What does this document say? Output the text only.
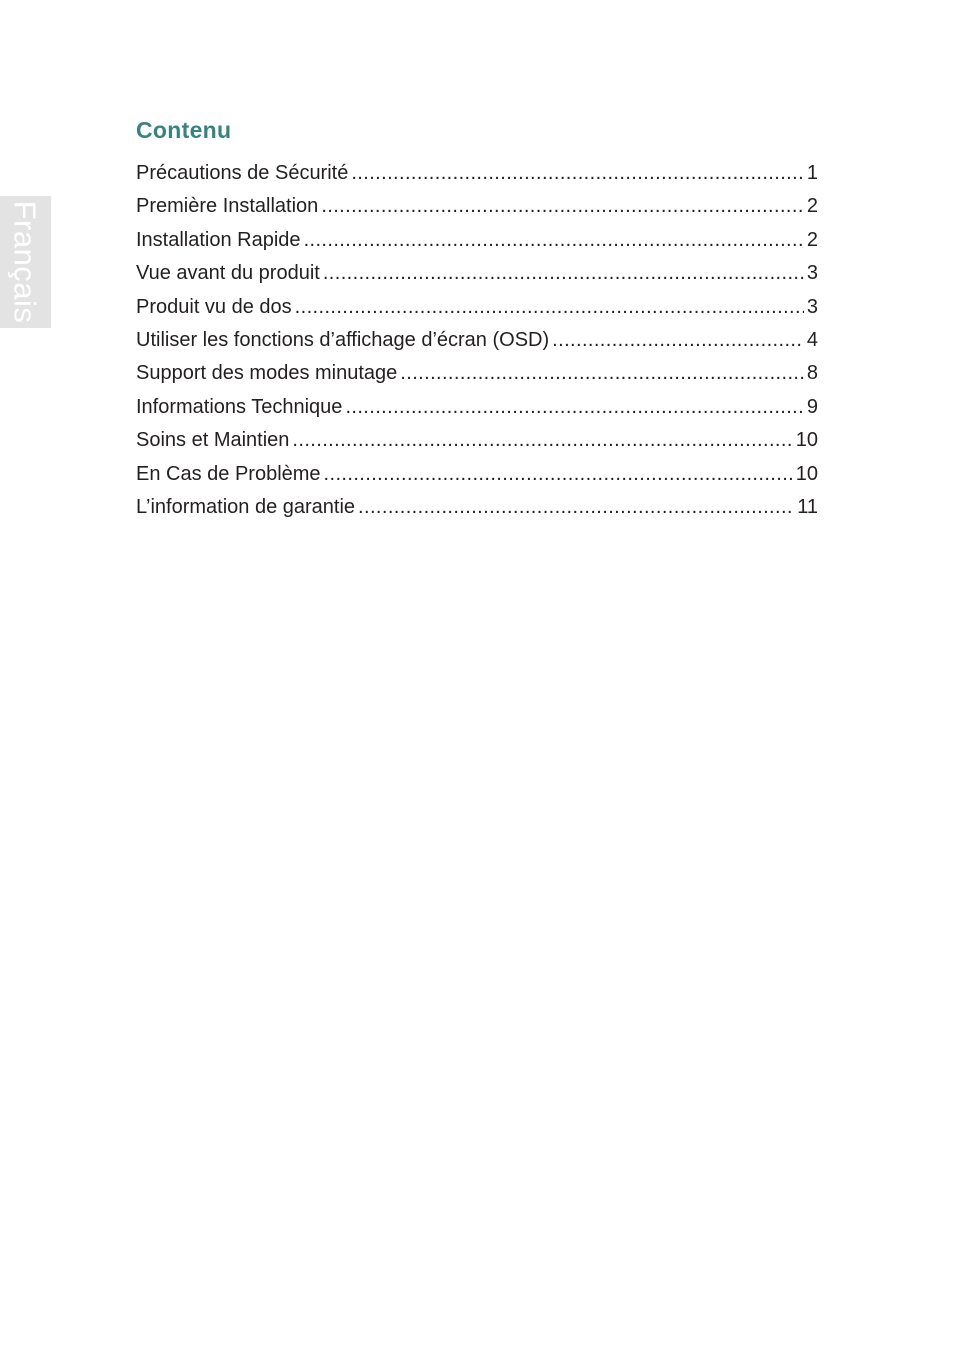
Français
Contenu
Précautions de Sécurité .....	1
Première Installation .....	2
Installation Rapide .....	2
Vue avant du produit .....	3
Produit vu de dos .....	3
Utiliser les fonctions d’affichage d’écran (OSD) .....	4
Support des modes minutage .....	8
Informations Technique .....	9
Soins et Maintien .....	10
En Cas de Problème .....	10
L’information de garantie .....	11
